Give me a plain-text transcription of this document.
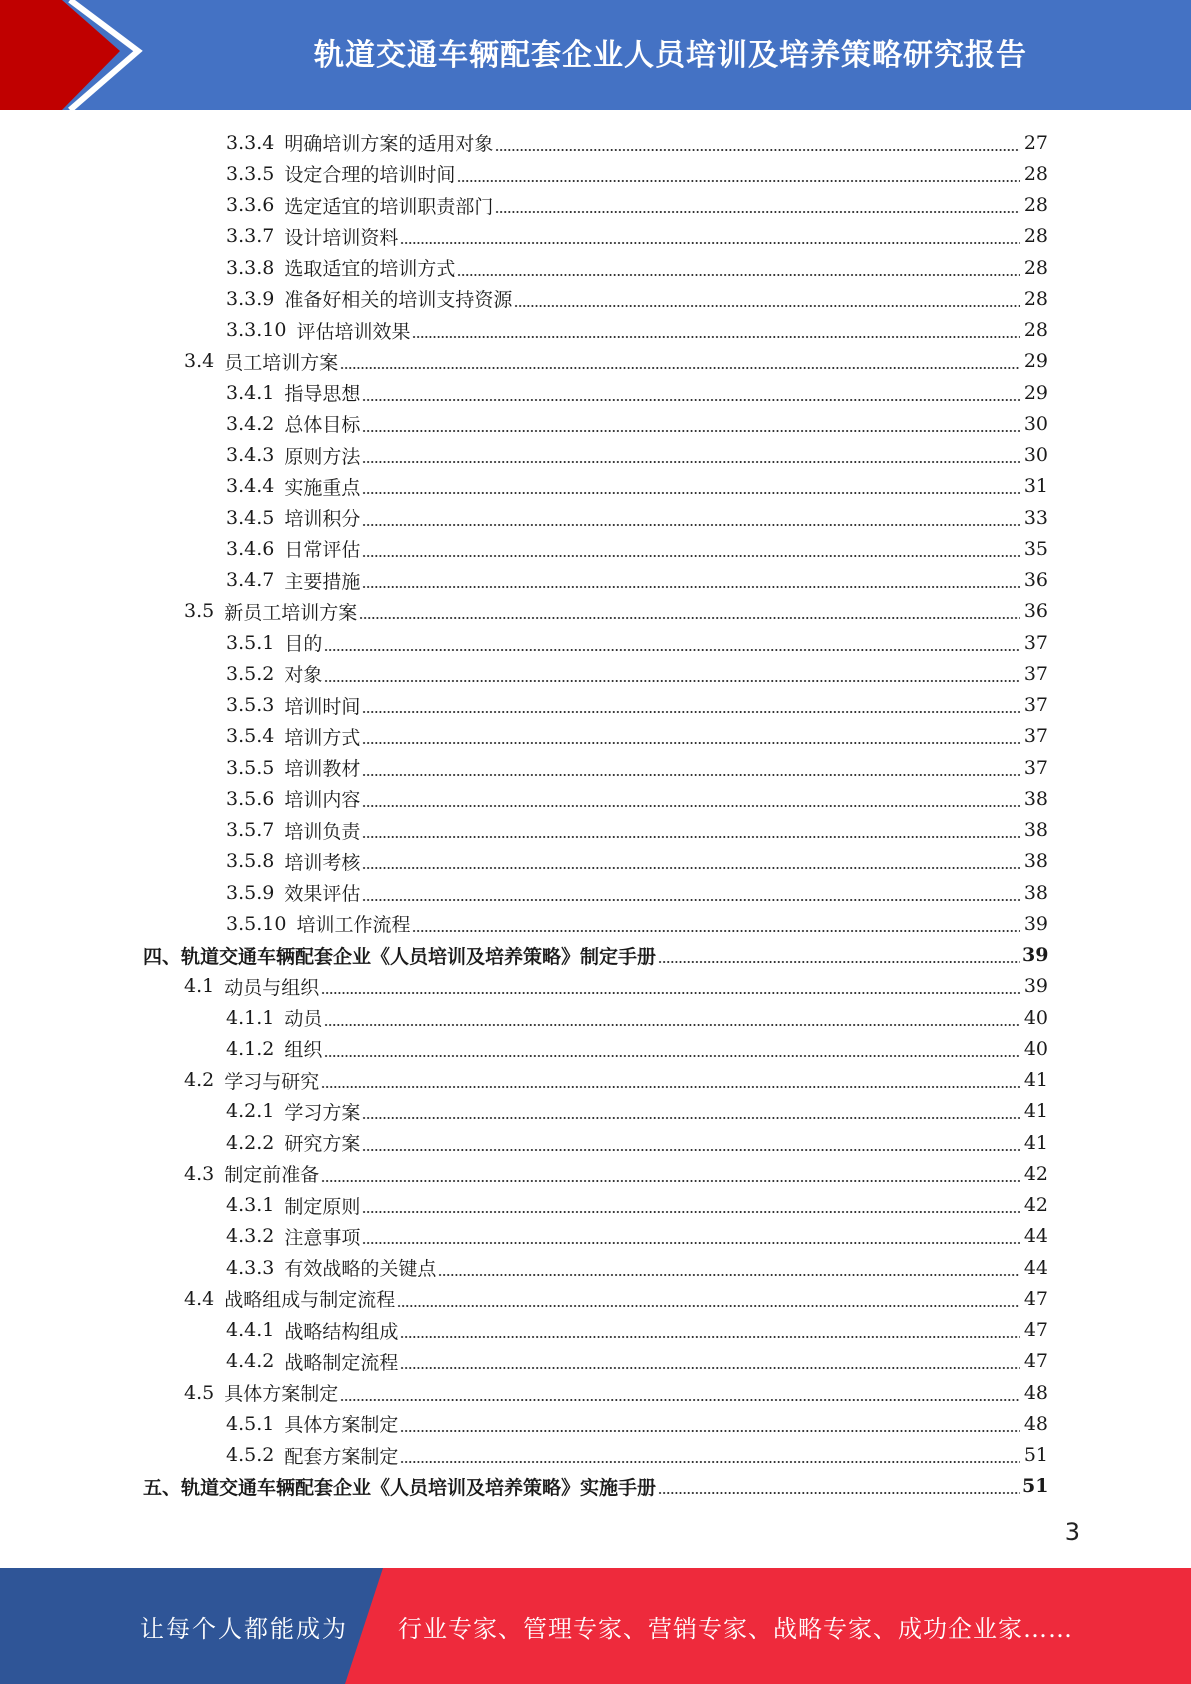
轨道交通车辆配套企业人员培训及培养策略研究报告
3.3.4 明确培训方案的适用对象	27
3.3.5 设定合理的培训时间	28
3.3.6 选定适宜的培训职责部门	28
3.3.7 设计培训资料	28
3.3.8 选取适宜的培训方式	28
3.3.9 准备好相关的培训支持资源	28
3.3.10 评估培训效果	28
3.4 员工培训方案	29
3.4.1 指导思想	29
3.4.2 总体目标	30
3.4.3 原则方法	30
3.4.4 实施重点	31
3.4.5 培训积分	33
3.4.6 日常评估	35
3.4.7 主要措施	36
3.5 新员工培训方案	36
3.5.1 目的	37
3.5.2 对象	37
3.5.3 培训时间	37
3.5.4 培训方式	37
3.5.5 培训教材	37
3.5.6 培训内容	38
3.5.7 培训负责	38
3.5.8 培训考核	38
3.5.9 效果评估	38
3.5.10 培训工作流程	39
四、轨道交通车辆配套企业《人员培训及培养策略》制定手册	39
4.1 动员与组织	39
4.1.1 动员	40
4.1.2 组织	40
4.2 学习与研究	41
4.2.1 学习方案	41
4.2.2 研究方案	41
4.3 制定前准备	42
4.3.1 制定原则	42
4.3.2 注意事项	44
4.3.3 有效战略的关键点	44
4.4 战略组成与制定流程	47
4.4.1 战略结构组成	47
4.4.2 战略制定流程	47
4.5 具体方案制定	48
4.5.1 具体方案制定	48
4.5.2 配套方案制定	51
五、轨道交通车辆配套企业《人员培训及培养策略》实施手册	51
3
让每个人都能成为 行业专家、管理专家、营销专家、战略专家、成功企业家……
